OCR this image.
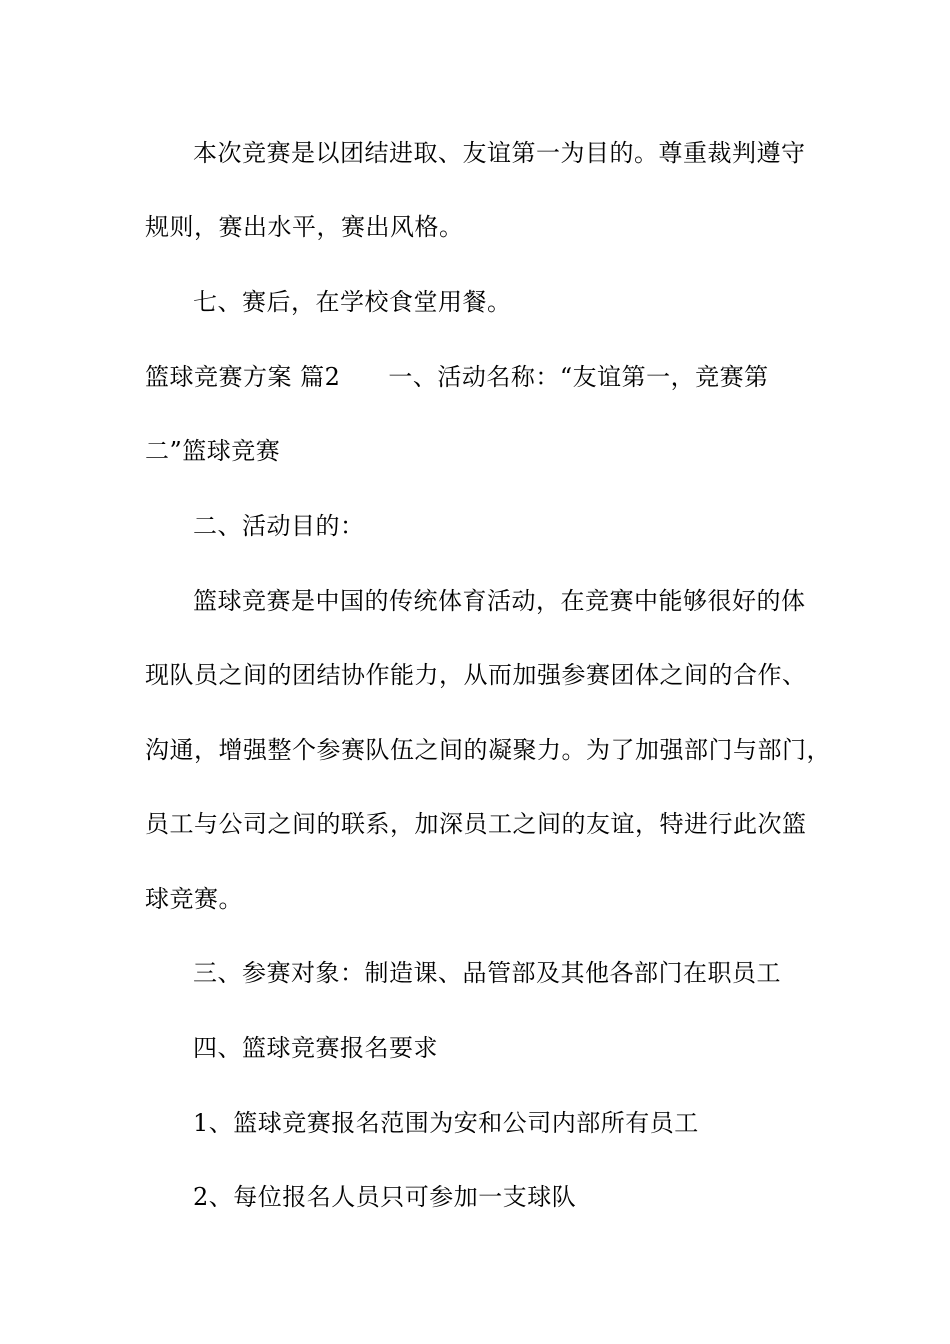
本次竞赛是以团结进取、友谊第一为目的。尊重裁判遵守
规则，赛出水平，赛出风格。
七、赛后，在学校食堂用餐。
篮球竞赛方案 篇2 一、活动名称：“友谊第一，竞赛第
二”篮球竞赛
二、活动目的：
篮球竞赛是中国的传统体育活动，在竞赛中能够很好的体
现队员之间的团结协作能力，从而加强参赛团体之间的合作、
沟通，增强整个参赛队伍之间的凝聚力。为了加强部门与部门，
员工与公司之间的联系，加深员工之间的友谊，特进行此次篮
球竞赛。
三、参赛对象：制造课、品管部及其他各部门在职员工
四、篮球竞赛报名要求
1、篮球竞赛报名范围为安和公司内部所有员工
2、每位报名人员只可参加一支球队
